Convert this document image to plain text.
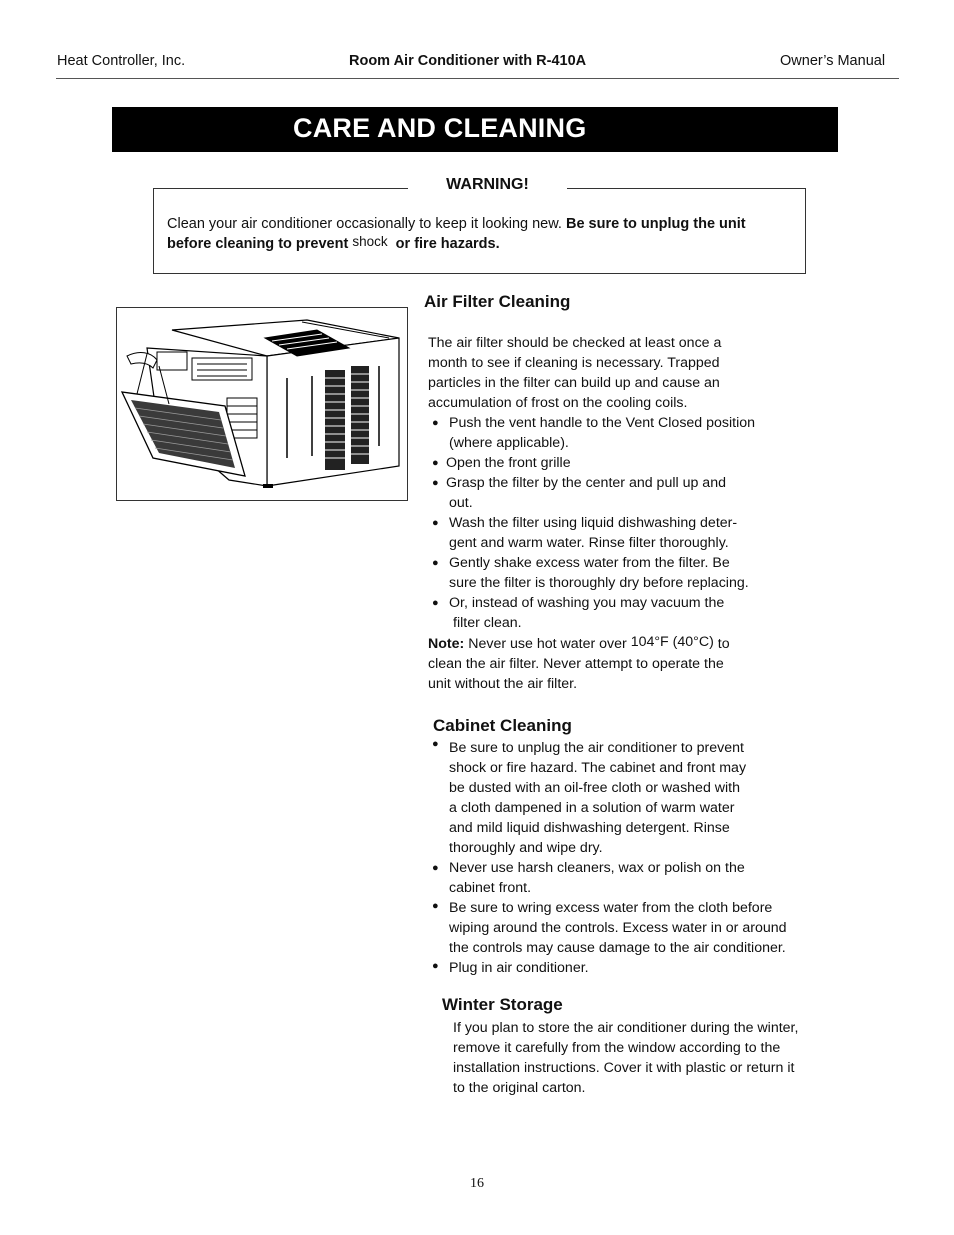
Heat Controller, Inc.	Room Air Conditioner with R-410A	Owner’s Manual
CARE AND CLEANING
WARNING!
Clean your air conditioner occasionally to keep it looking new. Be sure to unplug the unit
before cleaning to prevent shock or fire hazards.
Air Filter Cleaning
The air filter should be checked at least once a
month to see if cleaning is necessary. Trapped
particles in the filter can build up and cause an
accumulation of frost on the cooling coils.
● Push the vent handle to the Vent Closed position
(where applicable).
● Open the front grille
● Grasp the filter by the center and pull up and
out.
● Wash the filter using liquid dishwashing deter-
gent and warm water. Rinse filter thoroughly.
● Gently shake excess water from the filter. Be
sure the filter is thoroughly dry before replacing.
● Or, instead of washing you may vacuum the
filter clean.
Note: Never use hot water over 104°F (40°C) to
clean the air filter. Never attempt to operate the
unit without the air filter.
Cabinet Cleaning
● Be sure to unplug the air conditioner to prevent
shock or fire hazard. The cabinet and front may
be dusted with an oil-free cloth or washed with
a cloth dampened in a solution of warm water
and mild liquid dishwashing detergent. Rinse
thoroughly and wipe dry.
● Never use harsh cleaners, wax or polish on the
cabinet front.
● Be sure to wring excess water from the cloth before
wiping around the controls. Excess water in or around
the controls may cause damage to the air conditioner.
● Plug in air conditioner.
Winter Storage
If you plan to store the air conditioner during the winter,
remove it carefully from the window according to the
installation instructions. Cover it with plastic or return it
to the original carton.
16
